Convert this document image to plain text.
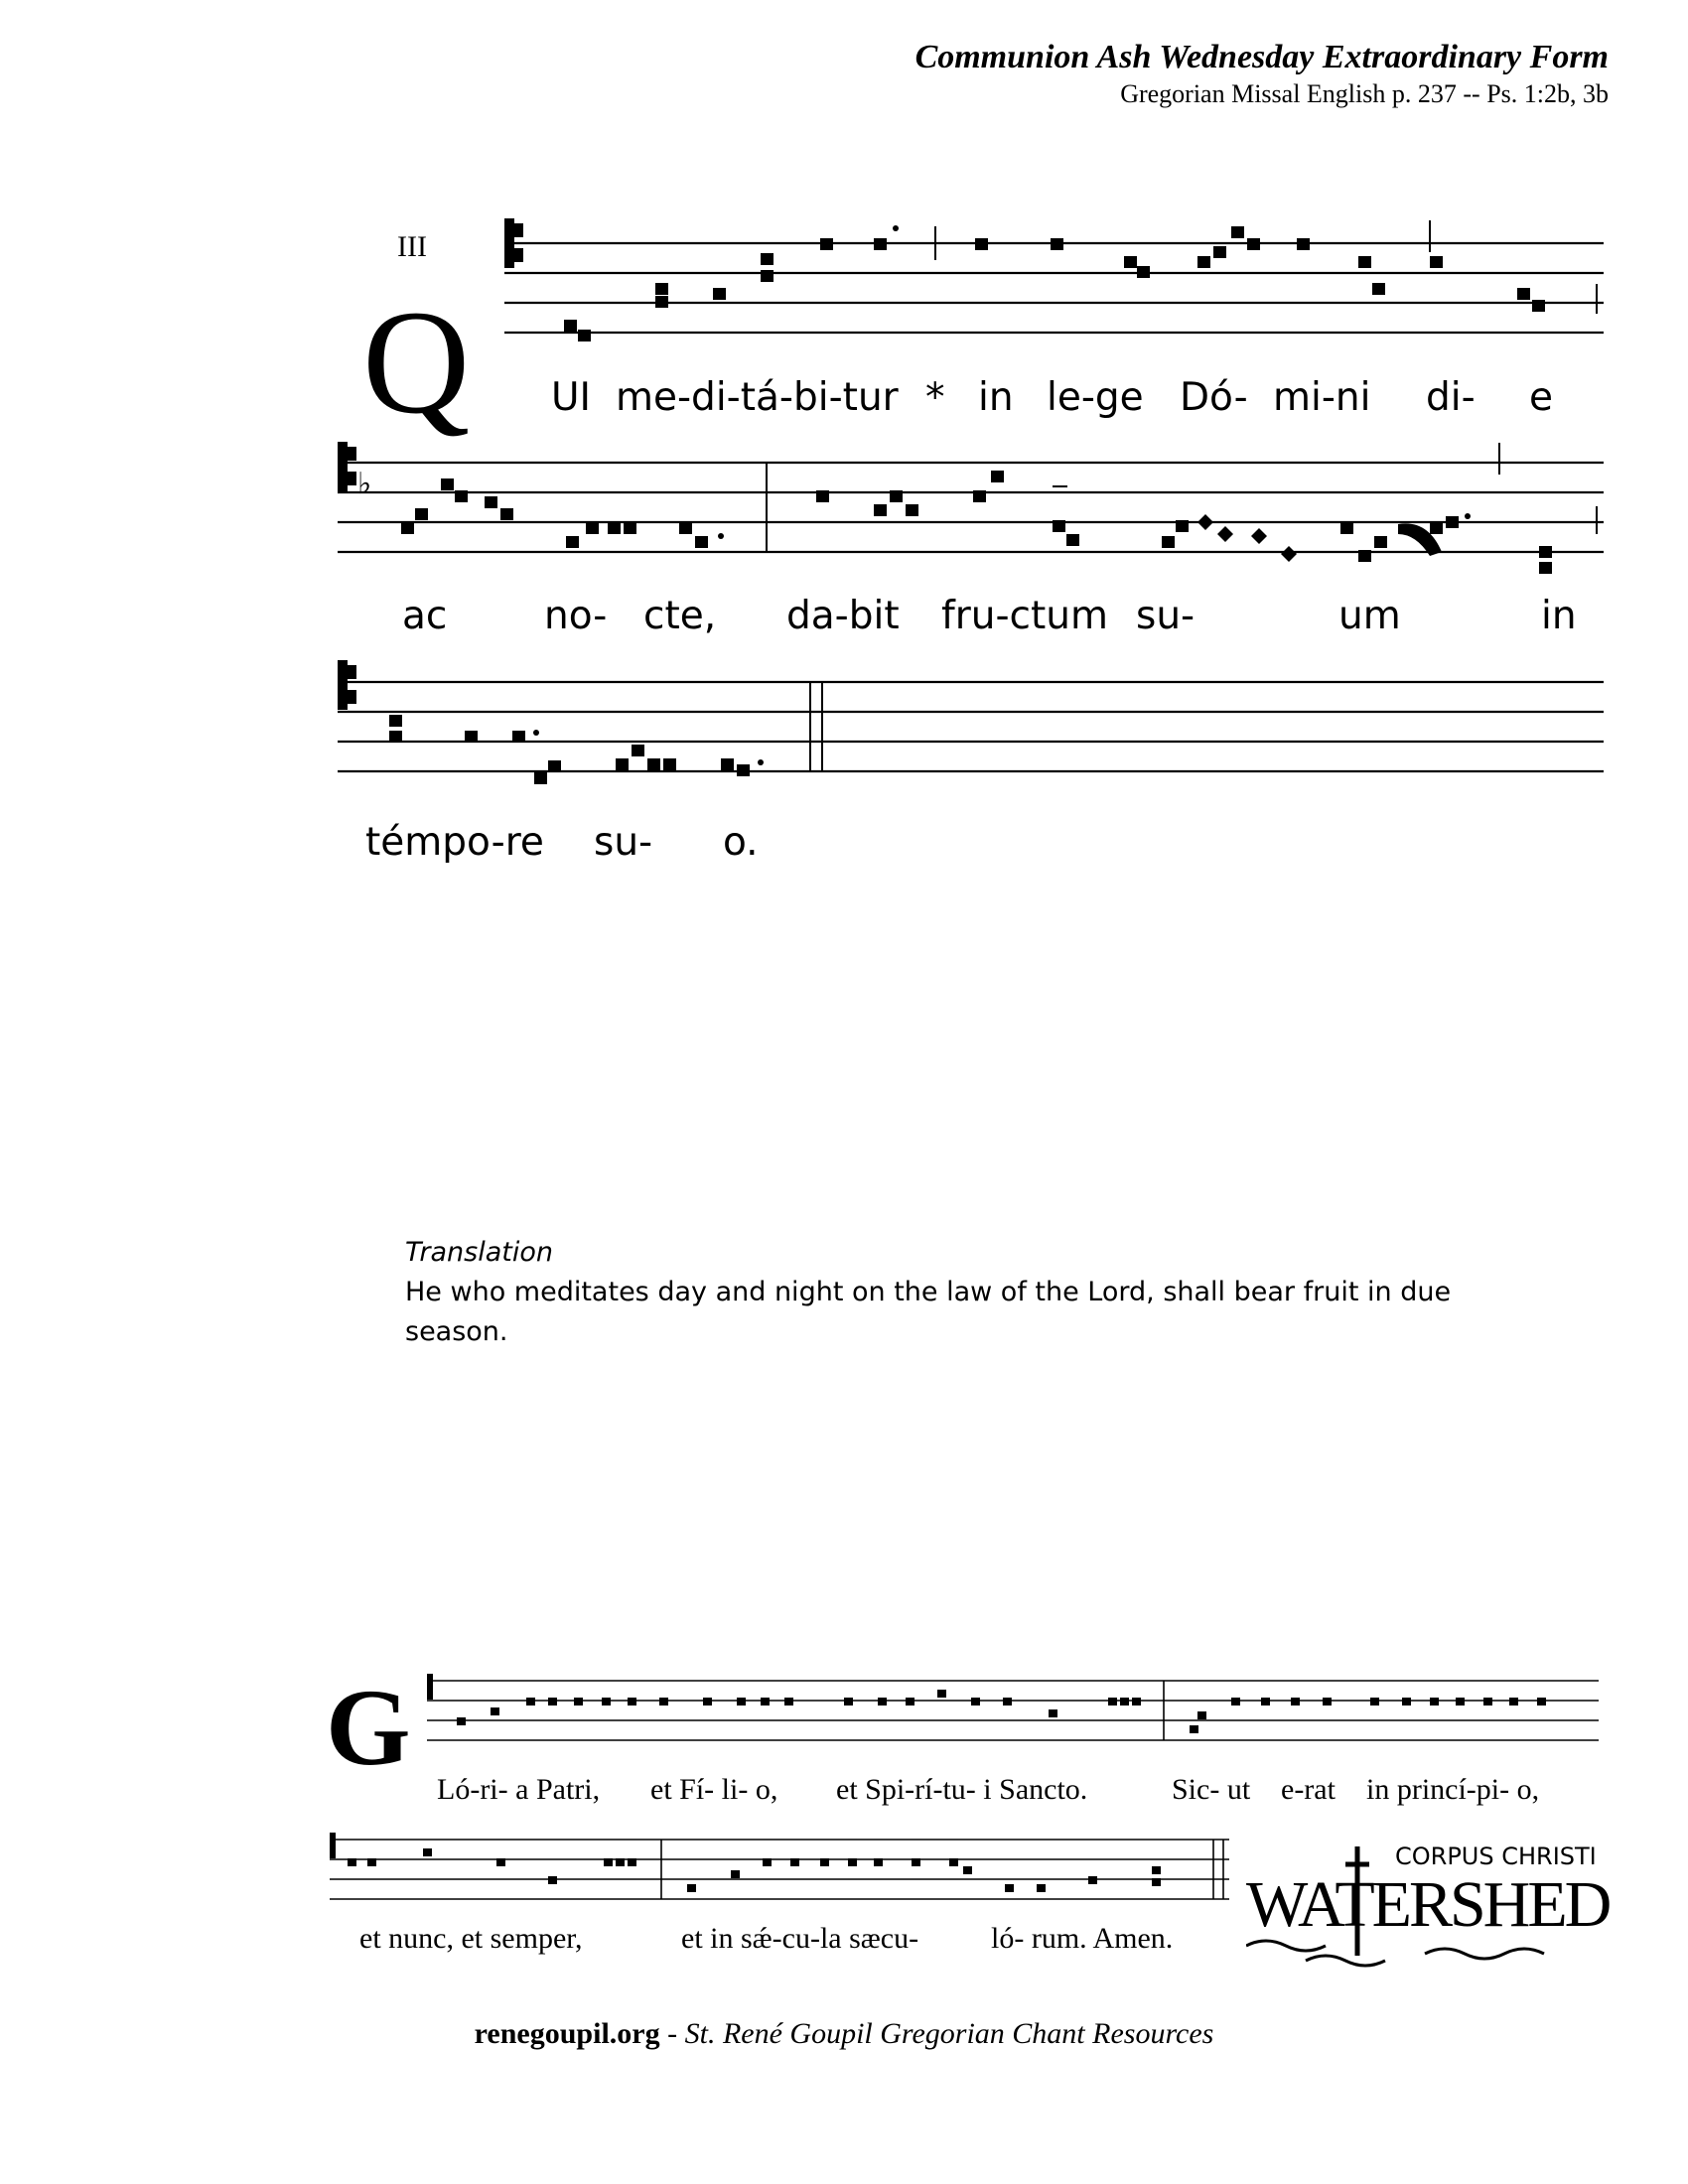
Communion Ash Wednesday Extraordinary Form
Gregorian Missal English p. 237 -- Ps. 1:2b, 3b
♭
III
Q UI me-di-tá-bi-tur * in le-ge Dó- mi-ni di- e
ac	no- cte, da-bit fru-ctum su-	um	in
témpo-re su- o.
Translation
He who meditates day and night on the law of the Lord, shall bear fruit in due season.
G
Ló-ri- a Patri, et Fí- li- o, et Spi-rí-tu- i Sancto.	Sic- ut e-rat in princí-pi- o,
et nunc, et semper,	et in sǽ-cu-la sæcu- ló- rum. Amen.
CORPUS CHRISTI
WATERSHED
renegoupil.org - St. René Goupil Gregorian Chant Resources
